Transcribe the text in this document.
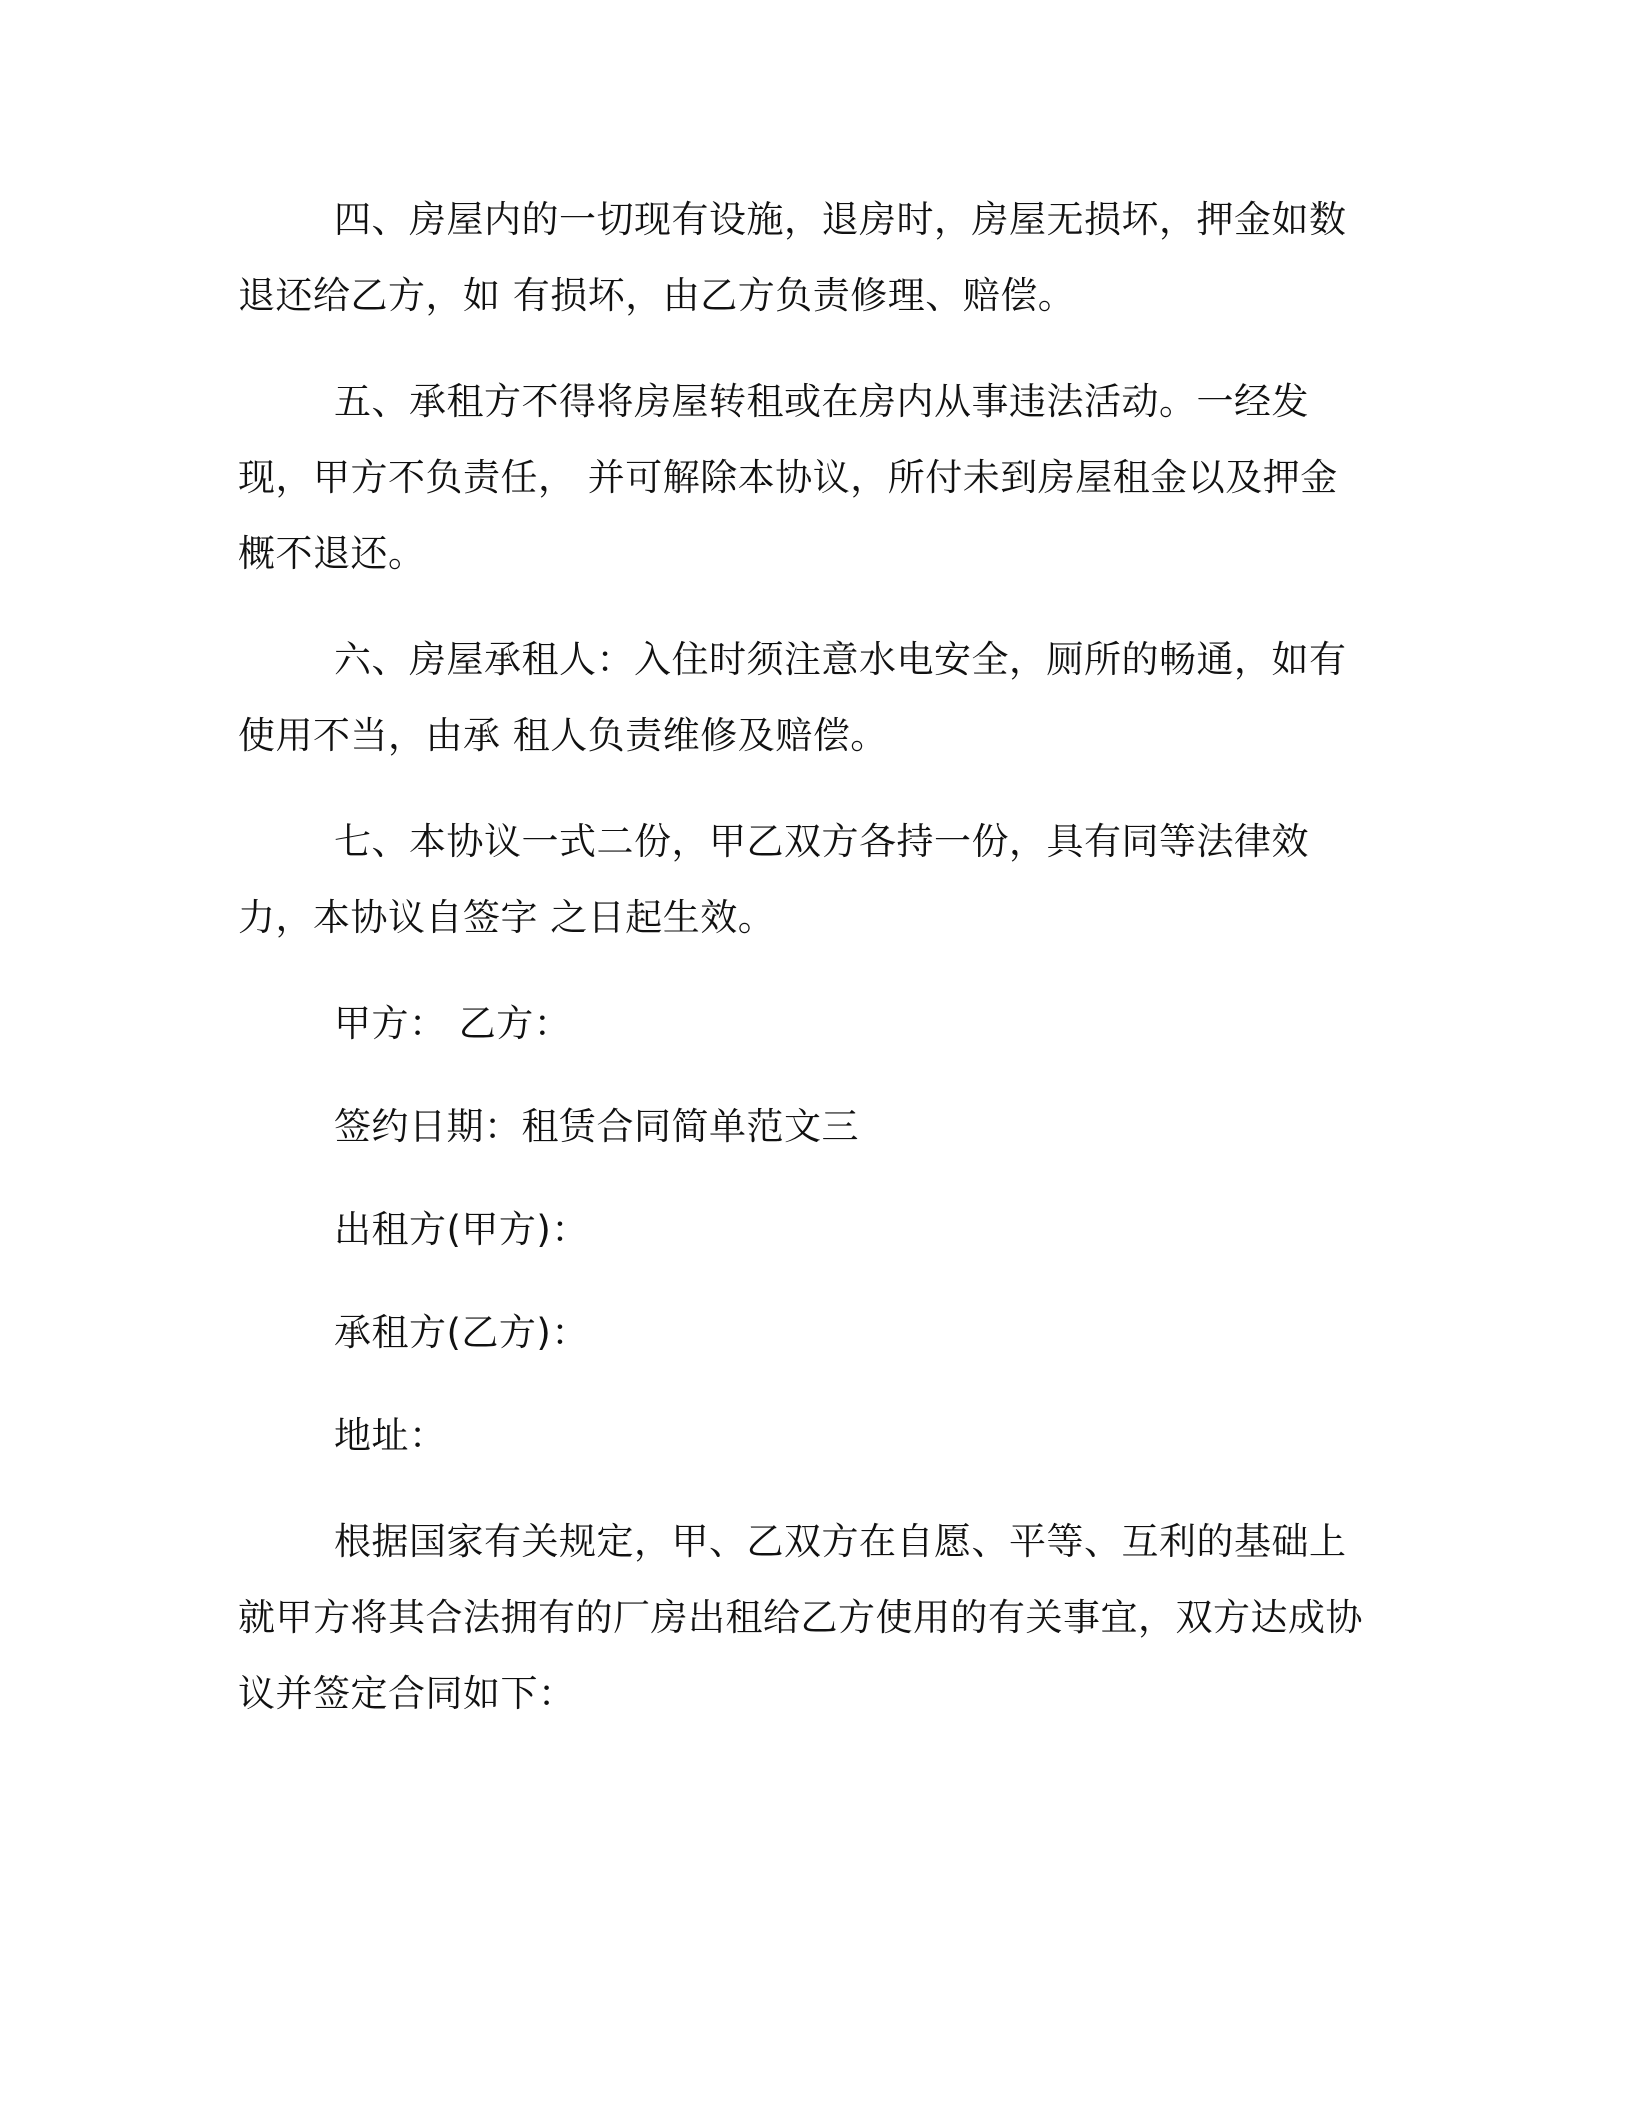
四、房屋内的一切现有设施，退房时，房屋无损坏，押金如数退还给乙方，如 有损坏，由乙方负责修理、赔偿。

五、承租方不得将房屋转租或在房内从事违法活动。一经发现，甲方不负责任， 并可解除本协议，所付未到房屋租金以及押金概不退还。

六、房屋承租人：入住时须注意水电安全，厕所的畅通，如有使用不当，由承 租人负责维修及赔偿。

七、本协议一式二份，甲乙双方各持一份，具有同等法律效力，本协议自签字 之日起生效。

甲方： 乙方：

签约日期：租赁合同简单范文三

出租方(甲方)：

承租方(乙方)：

地址：

根据国家有关规定，甲、乙双方在自愿、平等、互利的基础上就甲方将其合法拥有的厂房出租给乙方使用的有关事宜，双方达成协议并签定合同如下：
